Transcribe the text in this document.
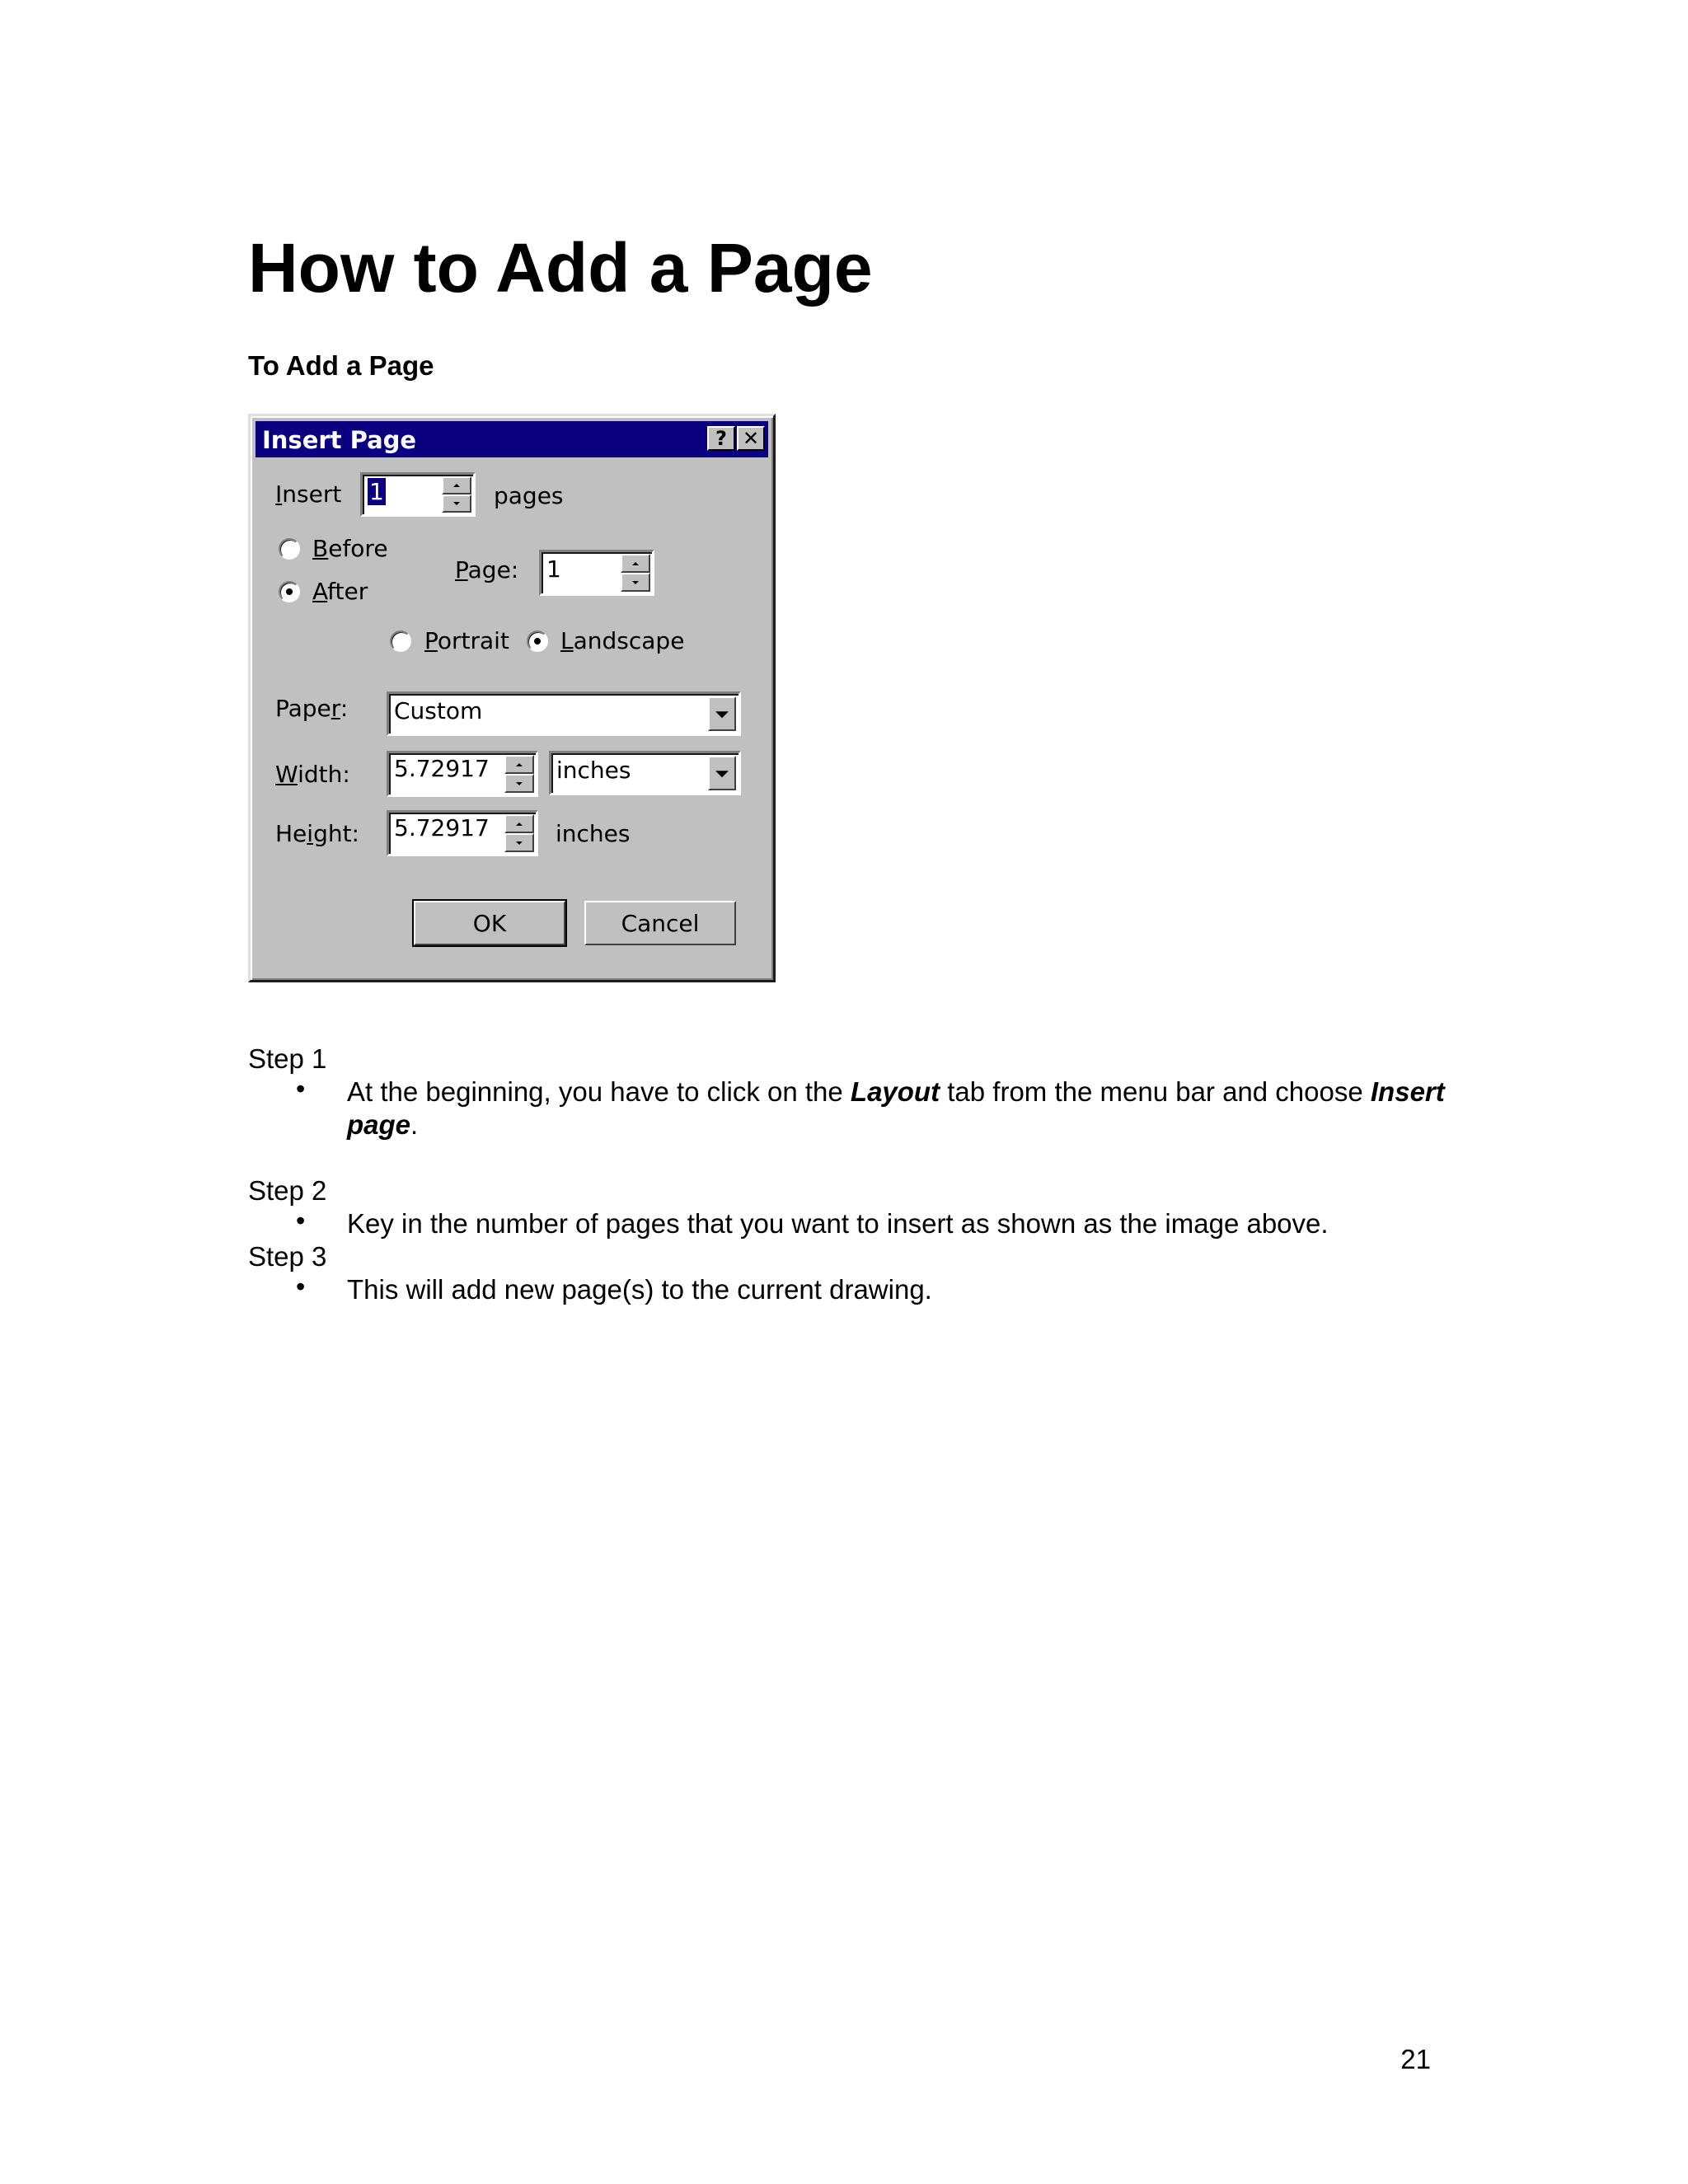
How to Add a Page
To Add a Page
Insert Page	? ✕
Insert 1	pages
Before
After
Page: 1
Portrait Landscape
Paper: Custom
Width: 5.72917	inches
Height: 5.72917	inches
OK	Cancel

Step 1

• At the beginning, you have to click on the Layout tab from the menu bar and choose Insert page.

Step 2

• Key in the number of pages that you want to insert as shown as the image above.

Step 3

• This will add new page(s) to the current drawing.
21
